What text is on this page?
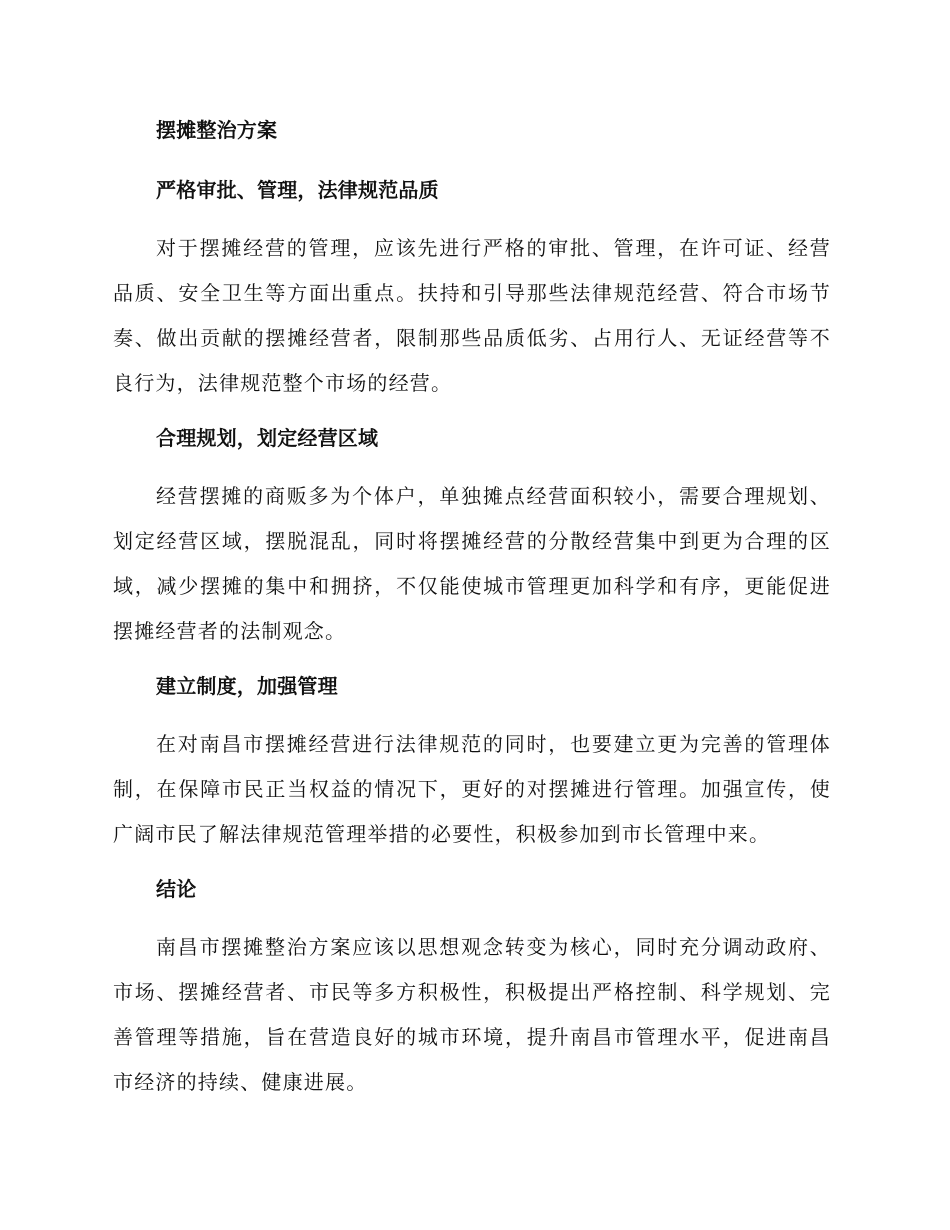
摆摊整治方案
严格审批、管理，法律规范品质

对于摆摊经营的管理，应该先进行严格的审批、管理，在许可证、经营品质、安全卫生等方面出重点。扶持和引导那些法律规范经营、符合市场节奏、做出贡献的摆摊经营者，限制那些品质低劣、占用行人、无证经营等不良行为，法律规范整个市场的经营。

合理规划，划定经营区域

经营摆摊的商贩多为个体户，单独摊点经营面积较小，需要合理规划、划定经营区域，摆脱混乱，同时将摆摊经营的分散经营集中到更为合理的区域，减少摆摊的集中和拥挤，不仅能使城市管理更加科学和有序，更能促进摆摊经营者的法制观念。

建立制度，加强管理

在对南昌市摆摊经营进行法律规范的同时，也要建立更为完善的管理体制，在保障市民正当权益的情况下，更好的对摆摊进行管理。加强宣传，使广阔市民了解法律规范管理举措的必要性，积极参加到市长管理中来。

结论

南昌市摆摊整治方案应该以思想观念转变为核心，同时充分调动政府、市场、摆摊经营者、市民等多方积极性，积极提出严格控制、科学规划、完善管理等措施，旨在营造良好的城市环境，提升南昌市管理水平，促进南昌市经济的持续、健康进展。
